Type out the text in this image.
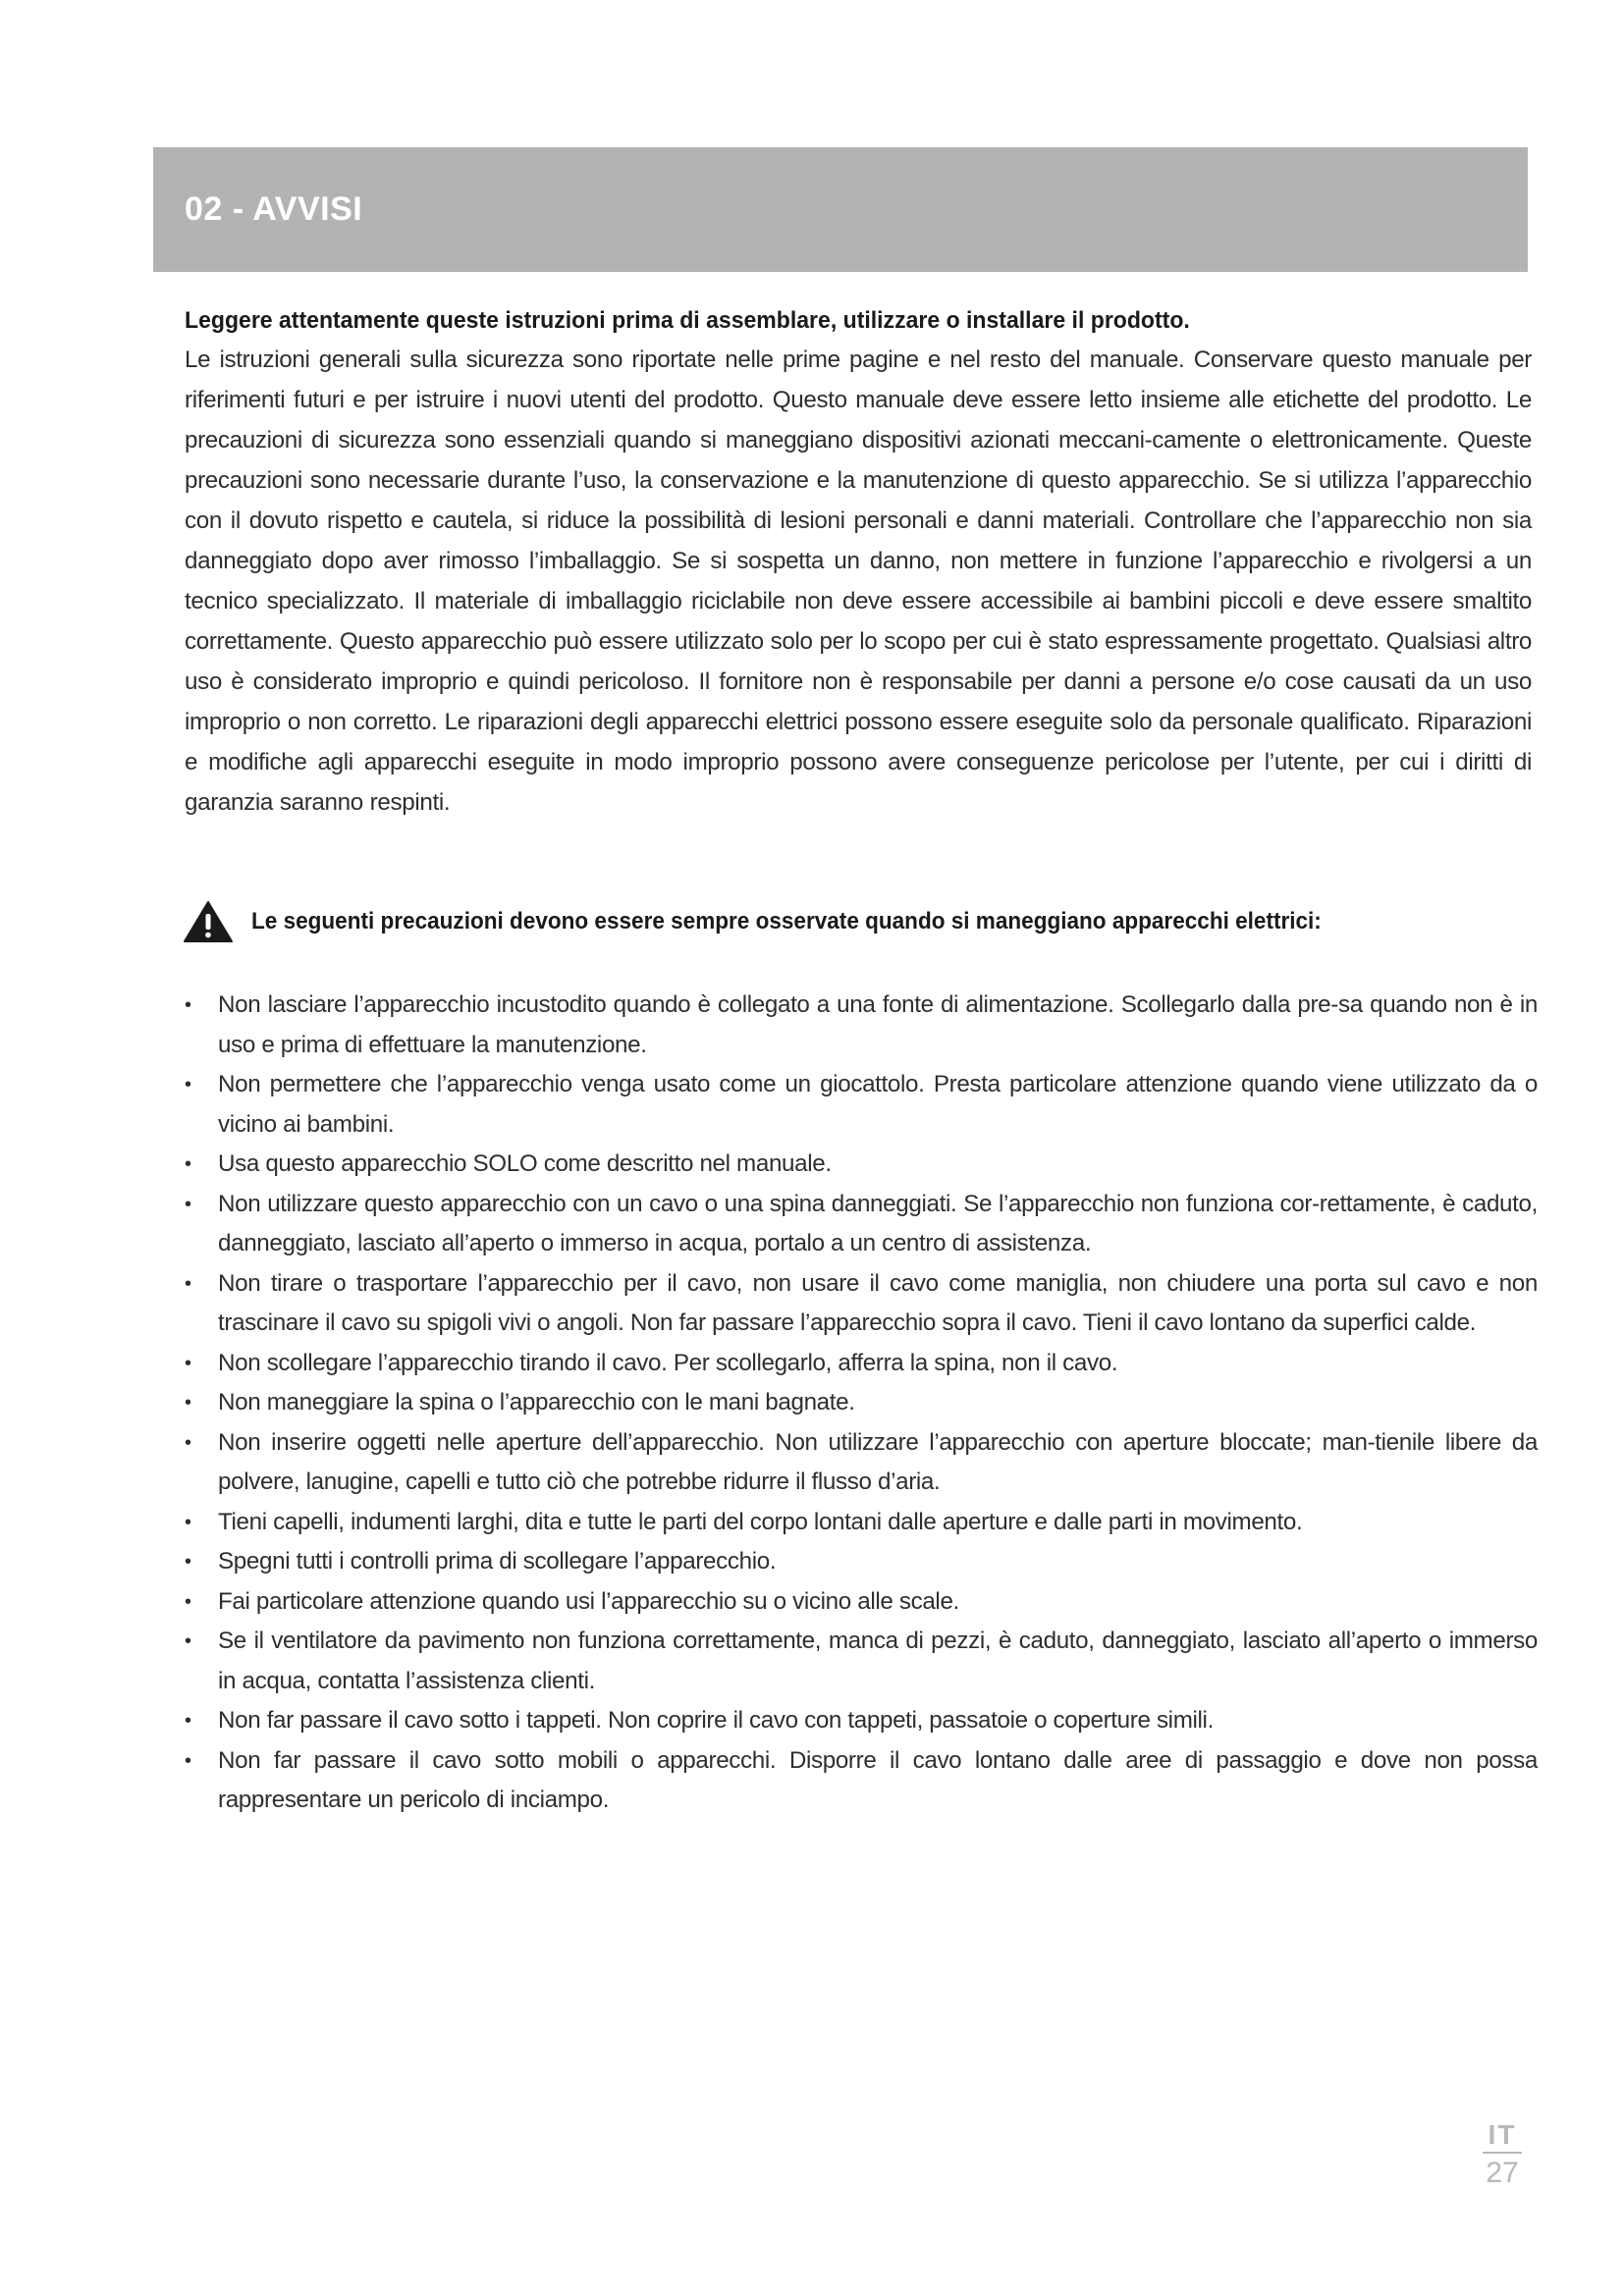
02 - AVVISI

Leggere attentamente queste istruzioni prima di assemblare, utilizzare o installare il prodotto.

Le istruzioni generali sulla sicurezza sono riportate nelle prime pagine e nel resto del manuale. Conservare questo manuale per riferimenti futuri e per istruire i nuovi utenti del prodotto. Questo manuale deve essere letto insieme alle etichette del prodotto. Le precauzioni di sicurezza sono essenziali quando si maneggiano dispositivi azionati meccani-camente o elettronicamente. Queste precauzioni sono necessarie durante l’uso, la conservazione e la manutenzione di questo apparecchio. Se si utilizza l’apparecchio con il dovuto rispetto e cautela, si riduce la possibilità di lesioni personali e danni materiali. Controllare che l’apparecchio non sia danneggiato dopo aver rimosso l’imballaggio. Se si sospetta un danno, non mettere in funzione l’apparecchio e rivolgersi a un tecnico specializzato. Il materiale di imballaggio riciclabile non deve essere accessibile ai bambini piccoli e deve essere smaltito correttamente. Questo apparecchio può essere utilizzato solo per lo scopo per cui è stato espressamente progettato. Qualsiasi altro uso è considerato improprio e quindi pericoloso. Il fornitore non è responsabile per danni a persone e/o cose causati da un uso improprio o non corretto. Le riparazioni degli apparecchi elettrici possono essere eseguite solo da personale qualificato. Riparazioni e modifiche agli apparecchi eseguite in modo improprio possono avere conseguenze pericolose per l’utente, per cui i diritti di garanzia saranno respinti.

Le seguenti precauzioni devono essere sempre osservate quando si maneggiano apparecchi elettrici:
• Non lasciare l’apparecchio incustodito quando è collegato a una fonte di alimentazione. Scollegarlo dalla pre-sa quando non è in uso e prima di effettuare la manutenzione.
• Non permettere che l’apparecchio venga usato come un giocattolo. Presta particolare attenzione quando viene utilizzato da o vicino ai bambini.
• Usa questo apparecchio SOLO come descritto nel manuale.
• Non utilizzare questo apparecchio con un cavo o una spina danneggiati. Se l’apparecchio non funziona cor-rettamente, è caduto, danneggiato, lasciato all’aperto o immerso in acqua, portalo a un centro di assistenza.
• Non tirare o trasportare l’apparecchio per il cavo, non usare il cavo come maniglia, non chiudere una porta sul cavo e non trascinare il cavo su spigoli vivi o angoli. Non far passare l’apparecchio sopra il cavo. Tieni il cavo lontano da superfici calde.
• Non scollegare l’apparecchio tirando il cavo. Per scollegarlo, afferra la spina, non il cavo.
• Non maneggiare la spina o l’apparecchio con le mani bagnate.
• Non inserire oggetti nelle aperture dell’apparecchio. Non utilizzare l’apparecchio con aperture bloccate; man-tienile libere da polvere, lanugine, capelli e tutto ciò che potrebbe ridurre il flusso d’aria.
• Tieni capelli, indumenti larghi, dita e tutte le parti del corpo lontani dalle aperture e dalle parti in movimento.
• Spegni tutti i controlli prima di scollegare l’apparecchio.
• Fai particolare attenzione quando usi l’apparecchio su o vicino alle scale.
• Se il ventilatore da pavimento non funziona correttamente, manca di pezzi, è caduto, danneggiato, lasciato all’aperto o immerso in acqua, contatta l’assistenza clienti.
• Non far passare il cavo sotto i tappeti. Non coprire il cavo con tappeti, passatoie o coperture simili.
• Non far passare il cavo sotto mobili o apparecchi. Disporre il cavo lontano dalle aree di passaggio e dove non possa rappresentare un pericolo di inciampo.
IT
27
